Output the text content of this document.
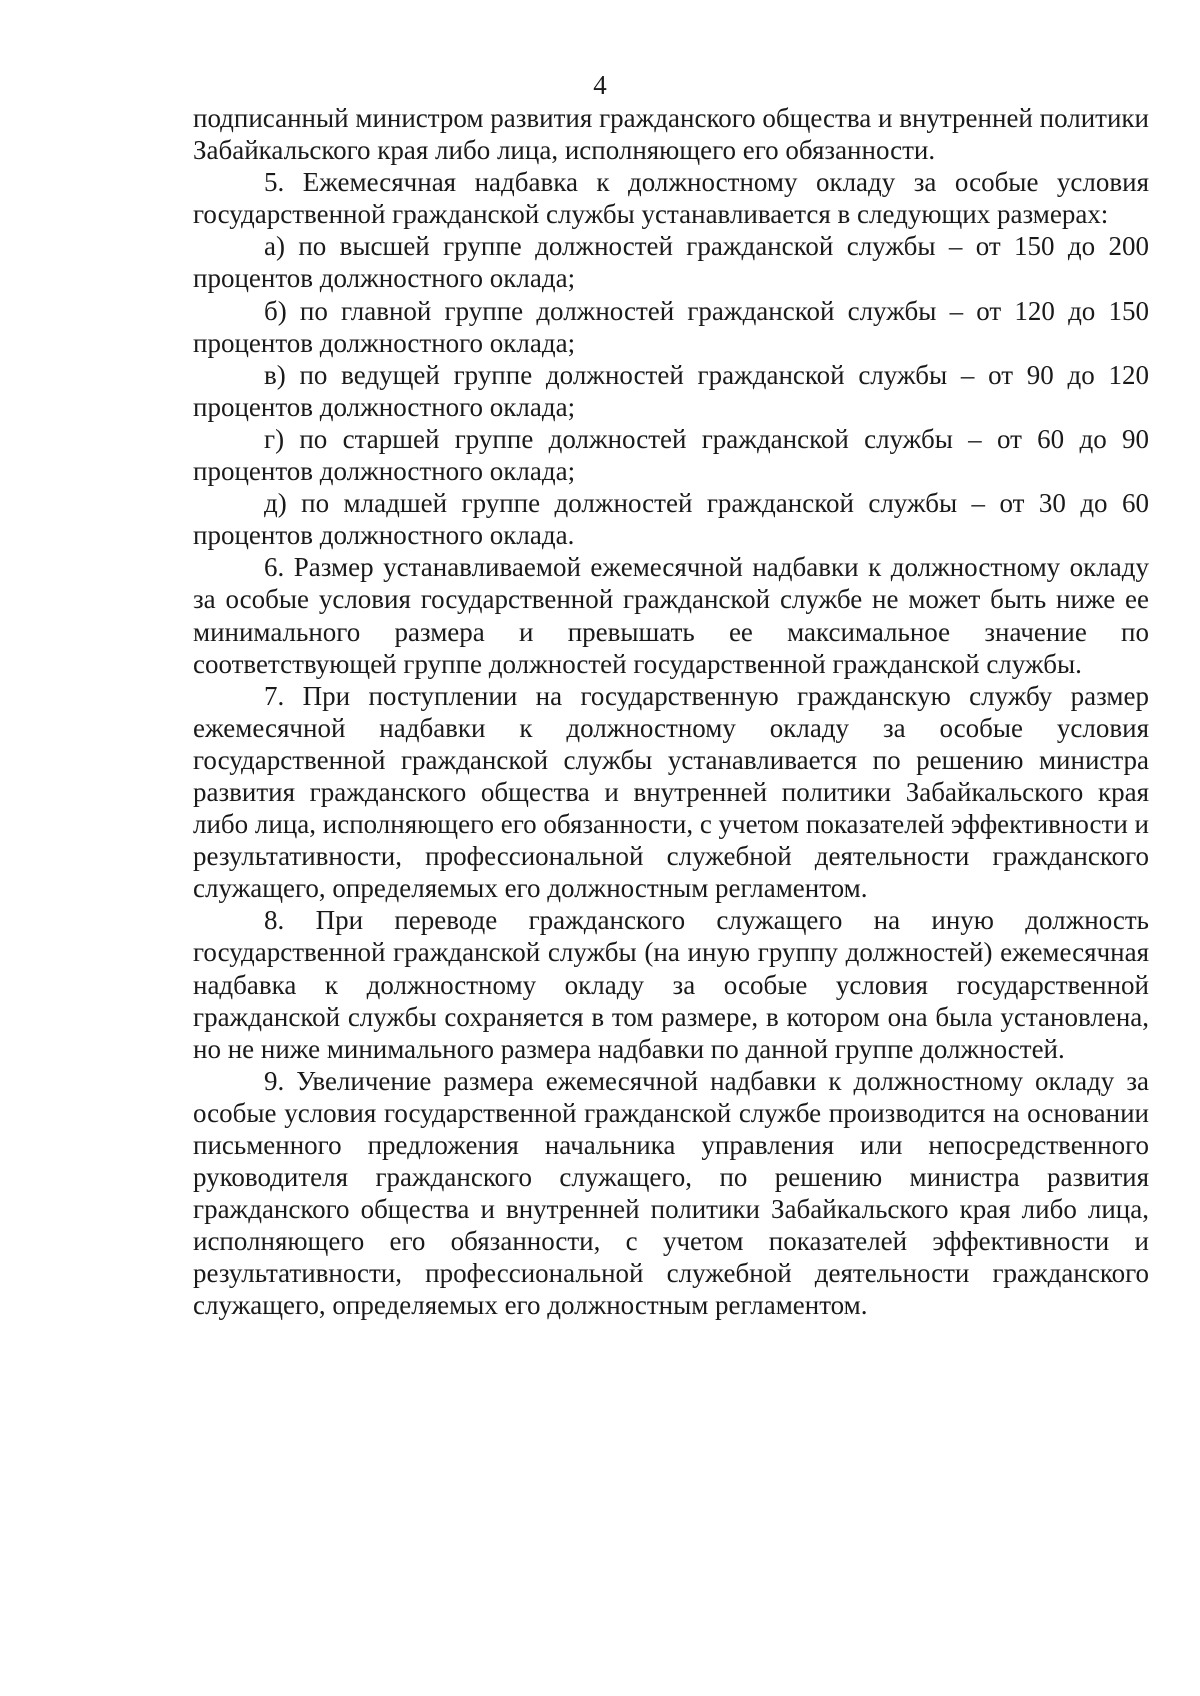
4

подписанный министром развития гражданского общества и внутренней политики Забайкальского края либо лица, исполняющего его обязанности.

5. Ежемесячная надбавка к должностному окладу за особые условия государственной гражданской службы устанавливается в следующих размерах:

а) по высшей группе должностей гражданской службы – от 150 до 200 процентов должностного оклада;

б) по главной группе должностей гражданской службы – от 120 до 150 процентов должностного оклада;

в) по ведущей группе должностей гражданской службы – от 90 до 120 процентов должностного оклада;

г) по старшей группе должностей гражданской службы – от 60 до 90 процентов должностного оклада;

д) по младшей группе должностей гражданской службы – от 30 до 60 процентов должностного оклада.

6. Размер устанавливаемой ежемесячной надбавки к должностному окладу за особые условия государственной гражданской службе не может быть ниже ее минимального размера и превышать ее максимальное значение по соответствующей группе должностей государственной гражданской службы.

7. При поступлении на государственную гражданскую службу размер ежемесячной надбавки к должностному окладу за особые условия государственной гражданской службы устанавливается по решению министра развития гражданского общества и внутренней политики Забайкальского края либо лица, исполняющего его обязанности, с учетом показателей эффективности и результативности, профессиональной служебной деятельности гражданского служащего, определяемых его должностным регламентом.

8. При переводе гражданского служащего на иную должность государственной гражданской службы (на иную группу должностей) ежемесячная надбавка к должностному окладу за особые условия государственной гражданской службы сохраняется в том размере, в котором она была установлена, но не ниже минимального размера надбавки по данной группе должностей.

9. Увеличение размера ежемесячной надбавки к должностному окладу за особые условия государственной гражданской службе производится на основании письменного предложения начальника управления или непосредственного руководителя гражданского служащего, по решению министра развития гражданского общества и внутренней политики Забайкальского края либо лица, исполняющего его обязанности, с учетом показателей эффективности и результативности, профессиональной служебной деятельности гражданского служащего, определяемых его должностным регламентом.
